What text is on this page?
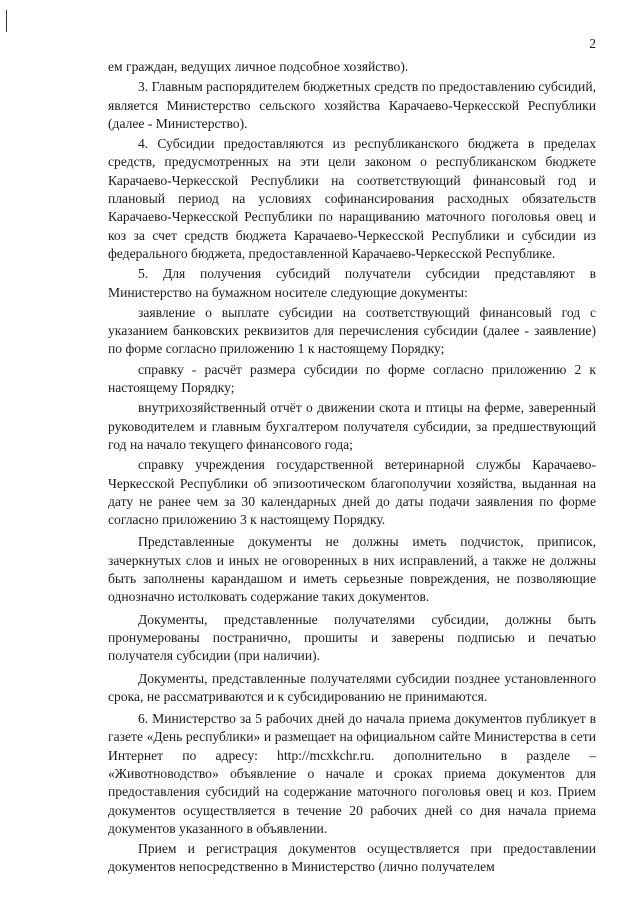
2

ем граждан, ведущих личное подсобное хозяйство).

3. Главным распорядителем бюджетных средств по предоставлению субсидий, является Министерство сельского хозяйства Карачаево-Черкесской Республики (далее - Министерство).

4. Субсидии предоставляются из республиканского бюджета в пределах средств, предусмотренных на эти цели законом о республиканском бюджете Карачаево-Черкесской Республики на соответствующий финансовый год и плановый период на условиях софинансирования расходных обязательств Карачаево-Черкесской Республики по наращиванию маточного поголовья овец и коз за счет средств бюджета Карачаево-Черкесской Республики и субсидии из федерального бюджета, предоставленной Карачаево-Черкесской Республике.

5. Для получения субсидий получатели субсидии представляют в Министерство на бумажном носителе следующие документы:

заявление о выплате субсидии на соответствующий финансовый год с указанием банковских реквизитов для перечисления субсидии (далее - заявление) по форме согласно приложению 1 к настоящему Порядку;

справку - расчёт размера субсидии по форме согласно приложению 2 к настоящему Порядку;

внутрихозяйственный отчёт о движении скота и птицы на ферме, заверенный руководителем и главным бухгалтером получателя субсидии, за предшествующий год на начало текущего финансового года;

справку учреждения государственной ветеринарной службы Карачаево-Черкесской Республики об эпизоотическом благополучии хозяйства, выданная на дату не ранее чем за 30 календарных дней до даты подачи заявления по форме согласно приложению 3 к настоящему Порядку.

Представленные документы не должны иметь подчисток, приписок, зачеркнутых слов и иных не оговоренных в них исправлений, а также не должны быть заполнены карандашом и иметь серьезные повреждения, не позволяющие однозначно истолковать содержание таких документов.

Документы, представленные получателями субсидии, должны быть пронумерованы постранично, прошиты и заверены подписью и печатью получателя субсидии (при наличии).

Документы, представленные получателями субсидии позднее установленного срока, не рассматриваются и к субсидированию не принимаются.

6. Министерство за 5 рабочих дней до начала приема документов публикует в газете «День республики» и размещает на официальном сайте Министерства в сети Интернет по адресу: http://mcxkchr.ru. дополнительно в разделе – «Животноводство» объявление о начале и сроках приема документов для предоставления субсидий на содержание маточного поголовья овец и коз. Прием документов осуществляется в течение 20 рабочих дней со дня начала приема документов указанного в объявлении.

Прием и регистрация документов осуществляется при предоставлении документов непосредственно в Министерство (лично получателем
